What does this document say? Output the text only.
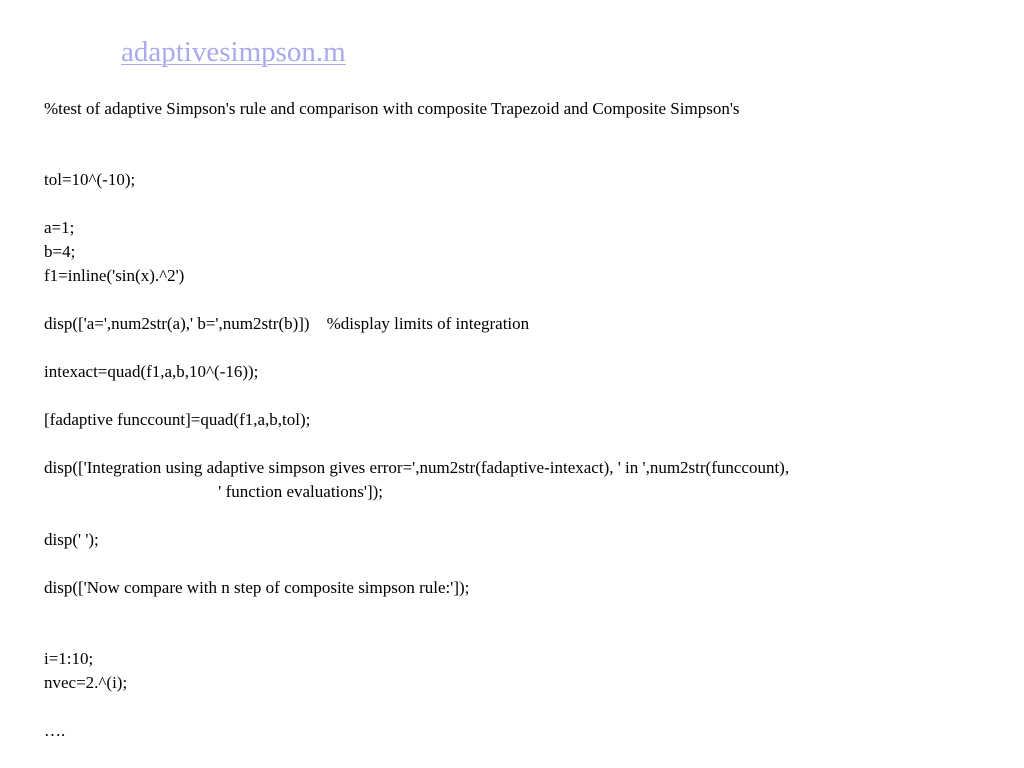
adaptivesimpson.m
%test of adaptive Simpson's rule and comparison with composite Trapezoid and Composite Simpson's
tol=10^(-10);
a=1;
b=4;
f1=inline('sin(x).^2')
disp(['a=',num2str(a),' b=',num2str(b)])    %display limits of integration
intexact=quad(f1,a,b,10^(-16));
[fadaptive funccount]=quad(f1,a,b,tol);
disp(['Integration using adaptive simpson gives error=',num2str(fadaptive-intexact), ' in ',num2str(funccount),
' function evaluations']);
disp(' ');
disp(['Now compare with n step of composite simpson rule:']);
i=1:10;
nvec=2.^(i);
….
